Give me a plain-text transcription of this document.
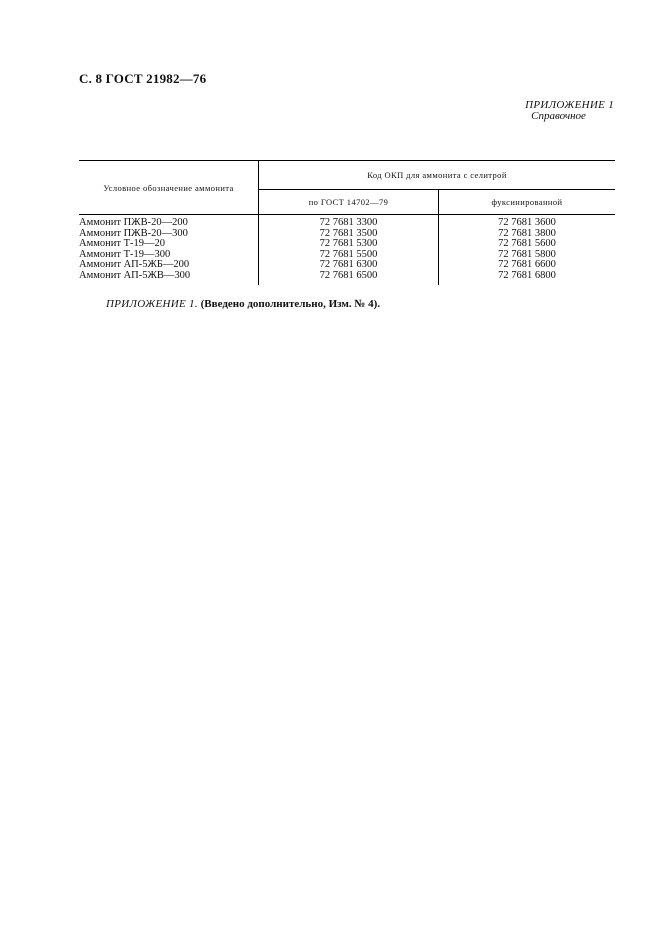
С. 8 ГОСТ 21982—76
ПРИЛОЖЕНИЕ 1
Справочное
Условное обозначение аммонита	Код ОКП для аммонита с селитрой	
	по ГОСТ 14702—79	фуксинированной
Аммонит ПЖВ-20—200	72 7681 3300	72 7681 3600
Аммонит ПЖВ-20—300	72 7681 3500	72 7681 3800
Аммонит Т-19—20	72 7681 5300	72 7681 5600
Аммонит Т-19—300	72 7681 5500	72 7681 5800
Аммонит АП-5ЖБ—200	72 7681 6300	72 7681 6600
Аммонит АП-5ЖВ—300	72 7681 6500	72 7681 6800
ПРИЛОЖЕНИЕ 1. (Введено дополнительно, Изм. № 4).
